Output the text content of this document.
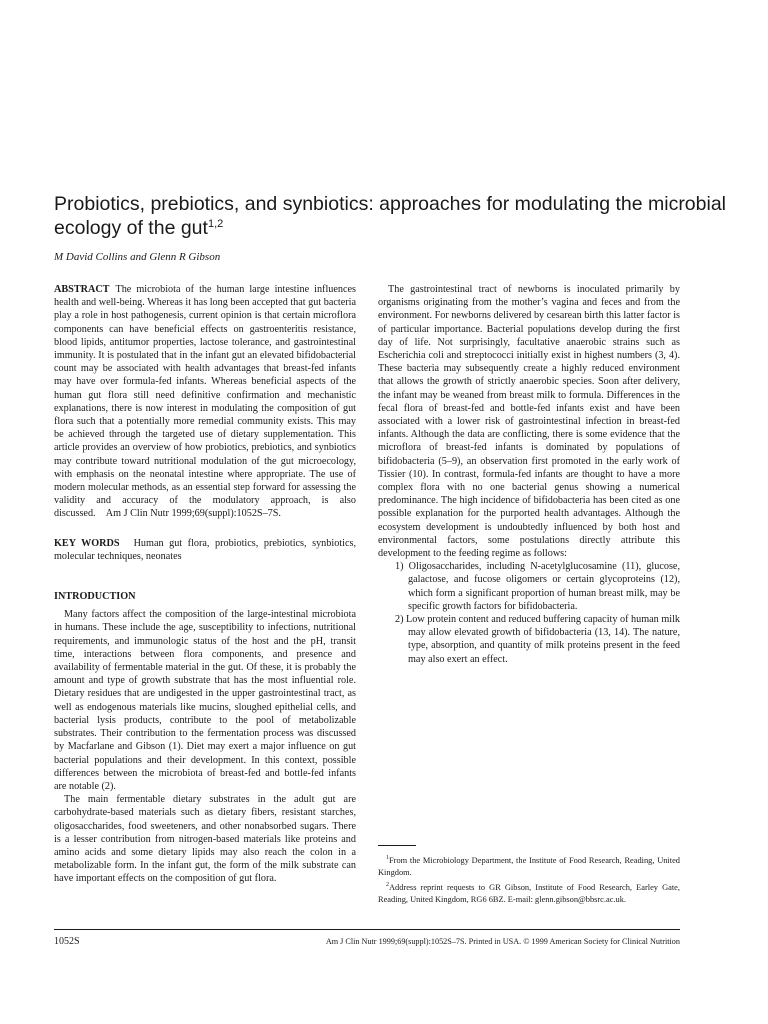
Probiotics, prebiotics, and synbiotics: approaches for modulating the microbial ecology of the gut$^{1,2}$
M David Collins and Glenn R Gibson

ABSTRACT The microbiota of the human large intestine influences health and well-being. Whereas it has long been accepted that gut bacteria play a role in host pathogenesis, current opinion is that certain microflora components can have beneficial effects on gastroenteritis resistance, blood lipids, antitumor properties, lactose tolerance, and gastrointestinal immunity. It is postulated that in the infant gut an elevated bifidobacterial count may be associated with health advantages that breast-fed infants may have over formula-fed infants. Whereas beneficial aspects of the human gut flora still need definitive confirmation and mechanistic explanations, there is now interest in modulating the composition of gut flora such that a potentially more remedial community exists. This may be achieved through the targeted use of dietary supplementation. This article provides an overview of how probiotics, prebiotics, and synbiotics may contribute toward nutritional modulation of the gut microecology, with emphasis on the neonatal intestine where appropriate. The use of modern molecular methods, as an essential step forward for assessing the validity and accuracy of the modulatory approach, is also discussed. Am J Clin Nutr 1999;69(suppl):1052S–7S.

KEY WORDS Human gut flora, probiotics, prebiotics, synbiotics, molecular techniques, neonates

INTRODUCTION

Many factors affect the composition of the large-intestinal microbiota in humans. These include the age, susceptibility to infections, nutritional requirements, and immunologic status of the host and the pH, transit time, interactions between flora components, and presence and availability of fermentable material in the gut. Of these, it is probably the amount and type of growth substrate that has the most influential role. Dietary residues that are undigested in the upper gastrointestinal tract, as well as endogenous materials like mucins, sloughed epithelial cells, and bacterial lysis products, contribute to the pool of metabolizable substrates. Their contribution to the fermentation process was discussed by Macfarlane and Gibson (1). Diet may exert a major influence on gut bacterial populations and their development. In this context, possible differences between the microbiota of breast-fed and bottle-fed infants are notable (2).

The main fermentable dietary substrates in the adult gut are carbohydrate-based materials such as dietary fibers, resistant starches, oligosaccharides, food sweeteners, and other nonabsorbed sugars. There is a lesser contribution from nitrogen-based materials like proteins and amino acids and some dietary lipids may also reach the colon in a metabolizable form. In the infant gut, the form of the milk substrate can have important effects on the composition of gut flora.

The gastrointestinal tract of newborns is inoculated primarily by organisms originating from the mother’s vagina and feces and from the environment. For newborns delivered by cesarean birth this latter factor is of particular importance. Bacterial populations develop during the first day of life. Not surprisingly, facultative anaerobic strains such as Escherichia coli and streptococci initially exist in highest numbers (3, 4). These bacteria may subsequently create a highly reduced environment that allows the growth of strictly anaerobic species. Soon after delivery, the infant may be weaned from breast milk to formula. Differences in the fecal flora of breast-fed and bottle-fed infants exist and have been associated with a lower risk of gastrointestinal infection in breast-fed infants. Although the data are conflicting, there is some evidence that the microflora of breast-fed infants is dominated by populations of bifidobacteria (5–9), an observation first promoted in the early work of Tissier (10). In contrast, formula-fed infants are thought to have a more complex flora with no one bacterial genus showing a numerical predominance. The high incidence of bifidobacteria has been cited as one possible explanation for the purported health advantages. Although the ecosystem development is undoubtedly influenced by both host and environmental factors, some postulations directly attribute this development to the feeding regime as follows:

1) Oligosaccharides, including N-acetylglucosamine (11), glucose, galactose, and fucose oligomers or certain glycoproteins (12), which form a significant proportion of human breast milk, may be specific growth factors for bifidobacteria.

2) Low protein content and reduced buffering capacity of human milk may allow elevated growth of bifidobacteria (13, 14). The nature, type, absorption, and quantity of milk proteins present in the feed may also exert an effect.

$^1$From the Microbiology Department, the Institute of Food Research, Reading, United Kingdom.

$^2$Address reprint requests to GR Gibson, Institute of Food Research, Earley Gate, Reading, United Kingdom, RG6 6BZ. E-mail: glenn.gibson@bbsrc.ac.uk.

1052S	Am J Clin Nutr 1999;69(suppl):1052S–7S. Printed in USA. © 1999 American Society for Clinical Nutrition
